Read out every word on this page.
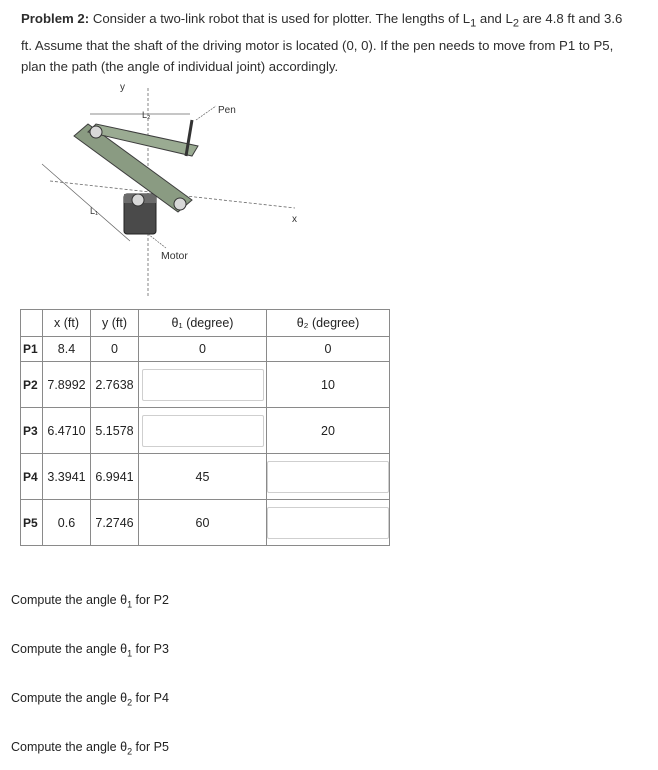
Problem 2: Consider a two-link robot that is used for plotter. The lengths of $L_1$ and $L_2$ are 4.8 ft and 3.6 ft. Assume that the shaft of the driving motor is located (0, 0). If the pen needs to move from P1 to P5, plan the path (the angle of individual joint) accordingly.
y
x
L₁
L₂	Pen
Motor
	x (ft)	y (ft)	θ₁ (degree)	θ₂ (degree)
P1	8.4	0	0	0
P2	7.8992	2.7638		10
P3	6.4710	5.1578		20
P4	3.3941	6.9941	45	

P5	0.6	7.2746	60	
Compute the angle $\theta_1$ for P2
Compute the angle $\theta_1$ for P3
Compute the angle $\theta_2$ for P4
Compute the angle $\theta_2$ for P5
